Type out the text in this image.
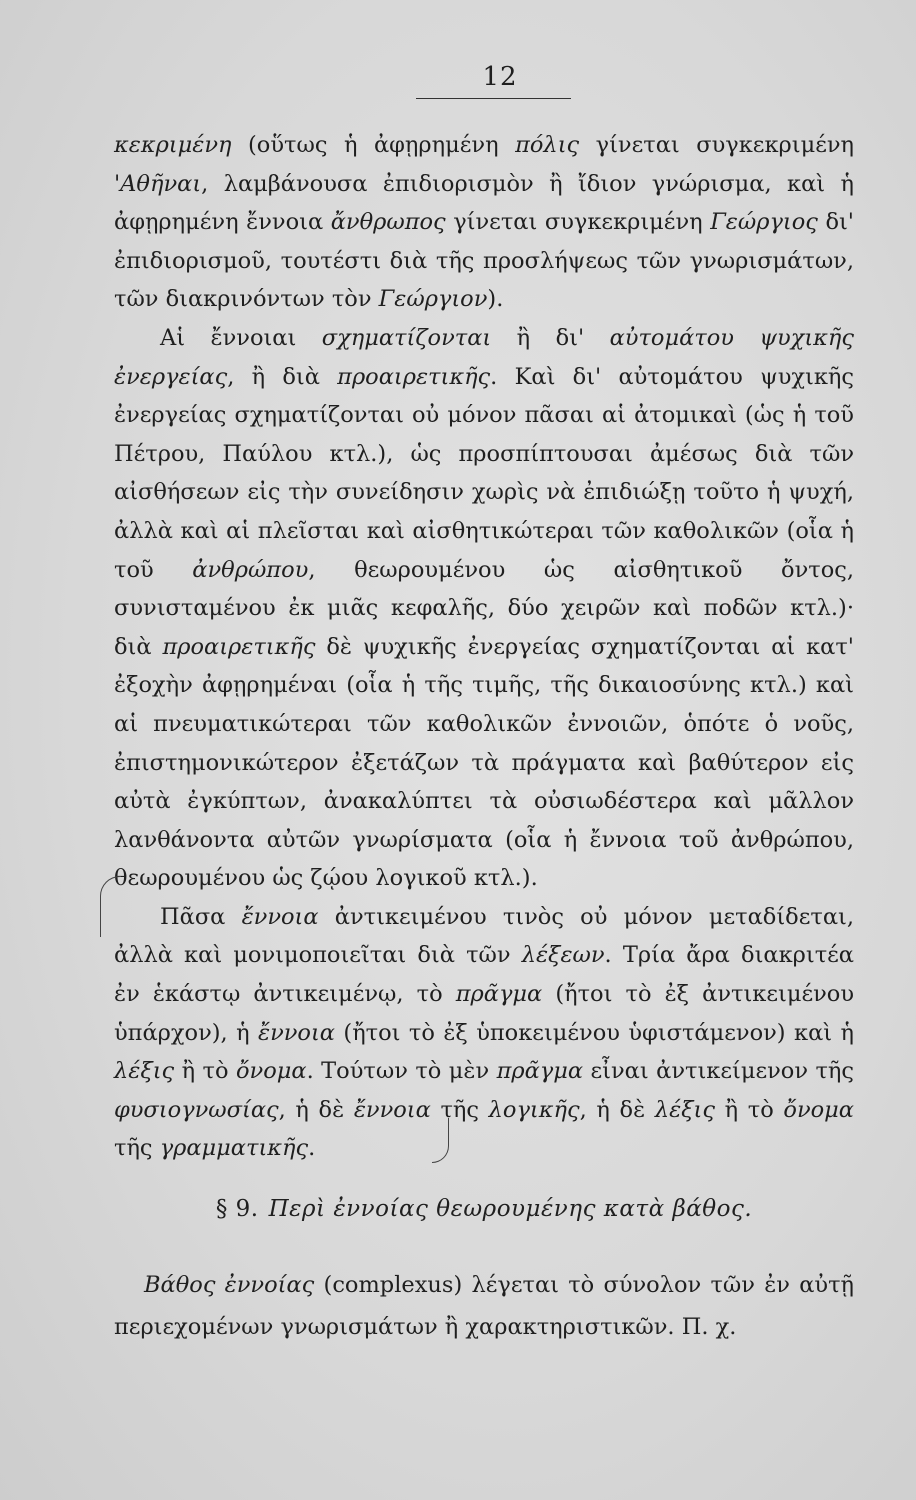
12

κεκριμένη (οὕτως ἡ ἀφῃρημένη πόλις γίνεται συγκεκριμένη 'Αθῆναι, λαμβάνουσα ἐπιδιορισμὸν ἢ ἴδιον γνώρισμα, καὶ ἡ ἀφῃρημένη ἔννοια ἄνθρωπος γίνεται συγκεκριμένη Γεώργιος δι' ἐπιδιορισμοῦ, τουτέστι διὰ τῆς προσλήψεως τῶν γνωρισμάτων, τῶν διακρινόντων τὸν Γεώργιον).

Αἱ ἔννοιαι σχηματίζονται ἢ δι' αὐτομάτου ψυχικῆς ἐνεργείας, ἢ διὰ προαιρετικῆς. Καὶ δι' αὐτομάτου ψυχικῆς ἐνεργείας σχηματίζονται οὐ μόνον πᾶσαι αἱ ἀτομικαὶ (ὡς ἡ τοῦ Πέτρου, Παύλου κτλ.), ὡς προσπίπτουσαι ἀμέσως διὰ τῶν αἰσθήσεων εἰς τὴν συνείδησιν χωρὶς νὰ ἐπιδιώξῃ τοῦτο ἡ ψυχή, ἀλλὰ καὶ αἱ πλεῖσται καὶ αἰσθητικώτεραι τῶν καθολικῶν (οἷα ἡ τοῦ ἀνθρώπου, θεωρουμένου ὡς αἰσθητικοῦ ὄντος, συνισταμένου ἐκ μιᾶς κεφαλῆς, δύο χειρῶν καὶ ποδῶν κτλ.)· διὰ προαιρετικῆς δὲ ψυχικῆς ἐνεργείας σχηματίζονται αἱ κατ' ἐξοχὴν ἀφῃρημέναι (οἷα ἡ τῆς τιμῆς, τῆς δικαιοσύνης κτλ.) καὶ αἱ πνευματικώτεραι τῶν καθολικῶν ἐννοιῶν, ὁπότε ὁ νοῦς, ἐπιστημονικώτερον ἐξετάζων τὰ πράγματα καὶ βαθύτερον εἰς αὐτὰ ἐγκύπτων, ἀνακαλύπτει τὰ οὐσιωδέστερα καὶ μᾶλλον λανθάνοντα αὐτῶν γνωρίσματα (οἷα ἡ ἔννοια τοῦ ἀνθρώπου, θεωρουμένου ὡς ζῴου λογικοῦ κτλ.).

Πᾶσα ἔννοια ἀντικειμένου τινὸς οὐ μόνον μεταδίδεται, ἀλλὰ καὶ μονιμοποιεῖται διὰ τῶν λέξεων. Τρία ἄρα διακριτέα ἐν ἑκάστῳ ἀντικειμένῳ, τὸ πρᾶγμα (ἤτοι τὸ ἐξ ἀντικειμένου ὑπάρχον), ἡ ἔννοια (ἤτοι τὸ ἐξ ὑποκειμένου ὑφιστάμενον) καὶ ἡ λέξις ἢ τὸ ὄνομα. Τούτων τὸ μὲν πρᾶγμα εἶναι ἀντικείμενον τῆς φυσιογνωσίας, ἡ δὲ ἔννοια τῆς λογικῆς, ἡ δὲ λέξις ἢ τὸ ὄνομα τῆς γραμματικῆς.

§ 9. Περὶ ἐννοίας θεωρουμένης κατὰ βάθος.

Βάθος ἐννοίας (complexus) λέγεται τὸ σύνολον τῶν ἐν αὐτῇ περιεχομένων γνωρισμάτων ἢ χαρακτηριστικῶν. Π. χ.
